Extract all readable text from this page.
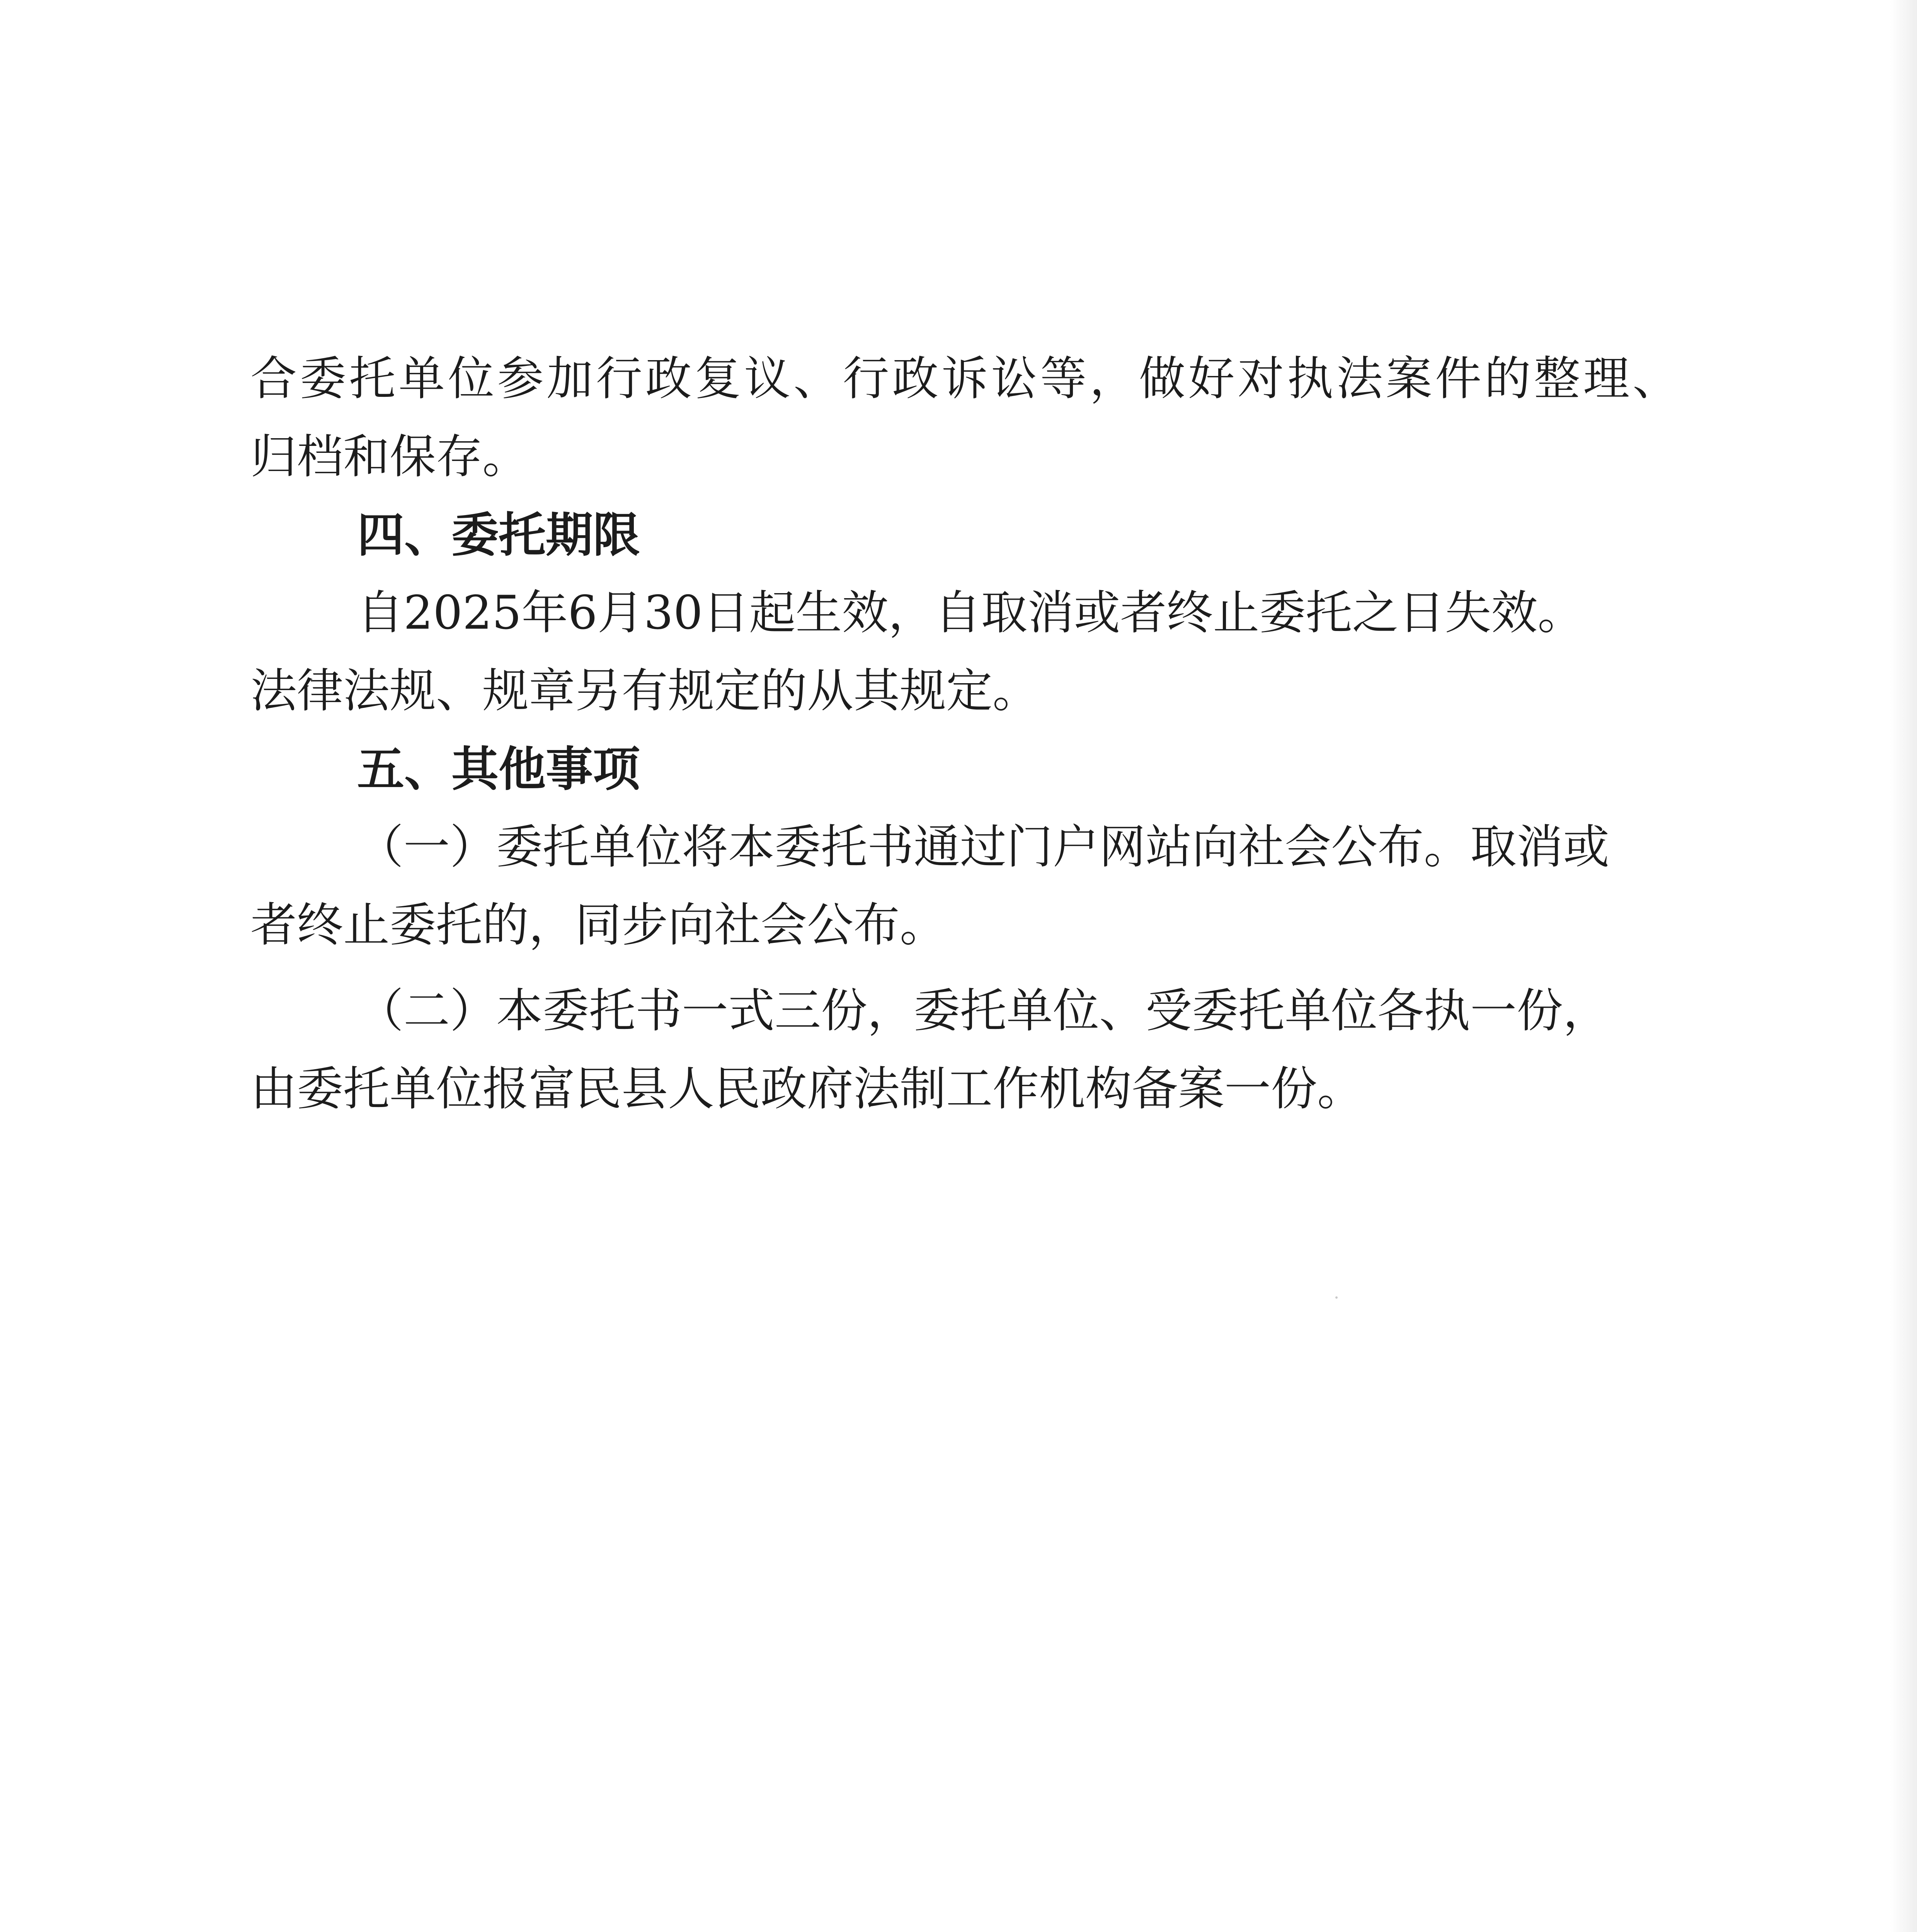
合委托单位参加行政复议、行政诉讼等，做好对执法案件的整理、
归档和保存。
四、委托期限
自2025年6月30日起生效，自取消或者终止委托之日失效。
法律法规、规章另有规定的从其规定。
五、其他事项
（一）委托单位将本委托书通过门户网站向社会公布。取消或
者终止委托的，同步向社会公布。
（二）本委托书一式三份，委托单位、受委托单位各执一份，
由委托单位报富民县人民政府法制工作机构备案一份。
